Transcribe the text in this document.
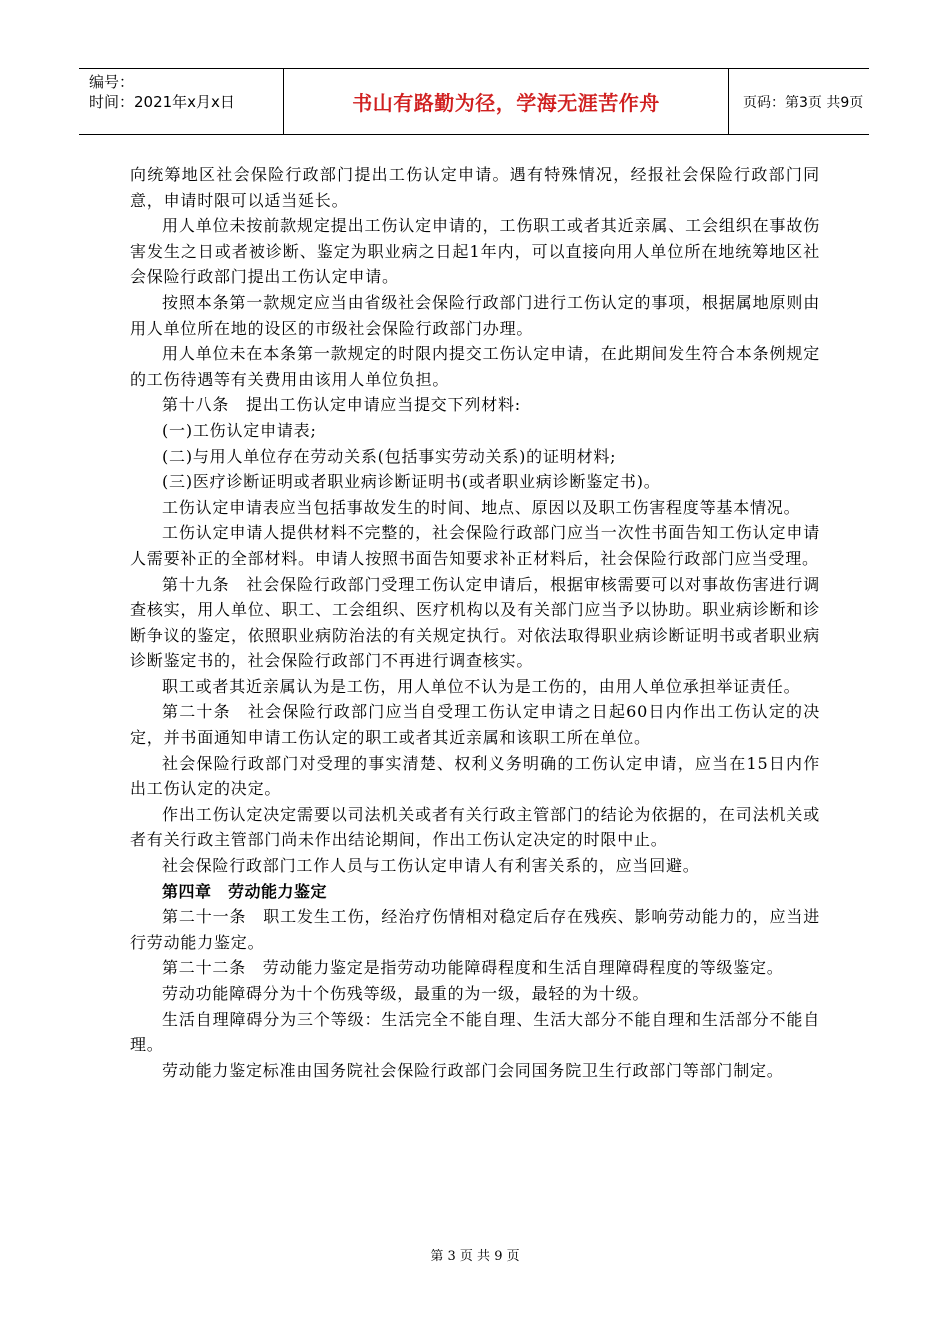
编号：
时间：2021年x月x日	书山有路勤为径，学海无涯苦作舟	页码：第3页 共9页

向统筹地区社会保险行政部门提出工伤认定申请。遇有特殊情况，经报社会保险行政部门同意，申请时限可以适当延长。

用人单位未按前款规定提出工伤认定申请的，工伤职工或者其近亲属、工会组织在事故伤害发生之日或者被诊断、鉴定为职业病之日起1年内，可以直接向用人单位所在地统筹地区社会保险行政部门提出工伤认定申请。

按照本条第一款规定应当由省级社会保险行政部门进行工伤认定的事项，根据属地原则由用人单位所在地的设区的市级社会保险行政部门办理。

用人单位未在本条第一款规定的时限内提交工伤认定申请，在此期间发生符合本条例规定的工伤待遇等有关费用由该用人单位负担。

第十八条　提出工伤认定申请应当提交下列材料:

(一)工伤认定申请表;

(二)与用人单位存在劳动关系(包括事实劳动关系)的证明材料;

(三)医疗诊断证明或者职业病诊断证明书(或者职业病诊断鉴定书)。

工伤认定申请表应当包括事故发生的时间、地点、原因以及职工伤害程度等基本情况。

工伤认定申请人提供材料不完整的，社会保险行政部门应当一次性书面告知工伤认定申请人需要补正的全部材料。申请人按照书面告知要求补正材料后，社会保险行政部门应当受理。

第十九条　社会保险行政部门受理工伤认定申请后，根据审核需要可以对事故伤害进行调查核实，用人单位、职工、工会组织、医疗机构以及有关部门应当予以协助。职业病诊断和诊断争议的鉴定，依照职业病防治法的有关规定执行。对依法取得职业病诊断证明书或者职业病诊断鉴定书的，社会保险行政部门不再进行调查核实。

职工或者其近亲属认为是工伤，用人单位不认为是工伤的，由用人单位承担举证责任。

第二十条　社会保险行政部门应当自受理工伤认定申请之日起60日内作出工伤认定的决定，并书面通知申请工伤认定的职工或者其近亲属和该职工所在单位。

社会保险行政部门对受理的事实清楚、权利义务明确的工伤认定申请，应当在15日内作出工伤认定的决定。

作出工伤认定决定需要以司法机关或者有关行政主管部门的结论为依据的，在司法机关或者有关行政主管部门尚未作出结论期间，作出工伤认定决定的时限中止。

社会保险行政部门工作人员与工伤认定申请人有利害关系的，应当回避。

第四章　劳动能力鉴定

第二十一条　职工发生工伤，经治疗伤情相对稳定后存在残疾、影响劳动能力的，应当进行劳动能力鉴定。

第二十二条　劳动能力鉴定是指劳动功能障碍程度和生活自理障碍程度的等级鉴定。

劳动功能障碍分为十个伤残等级，最重的为一级，最轻的为十级。

生活自理障碍分为三个等级：生活完全不能自理、生活大部分不能自理和生活部分不能自理。

劳动能力鉴定标准由国务院社会保险行政部门会同国务院卫生行政部门等部门制定。

第 3 页 共 9 页
